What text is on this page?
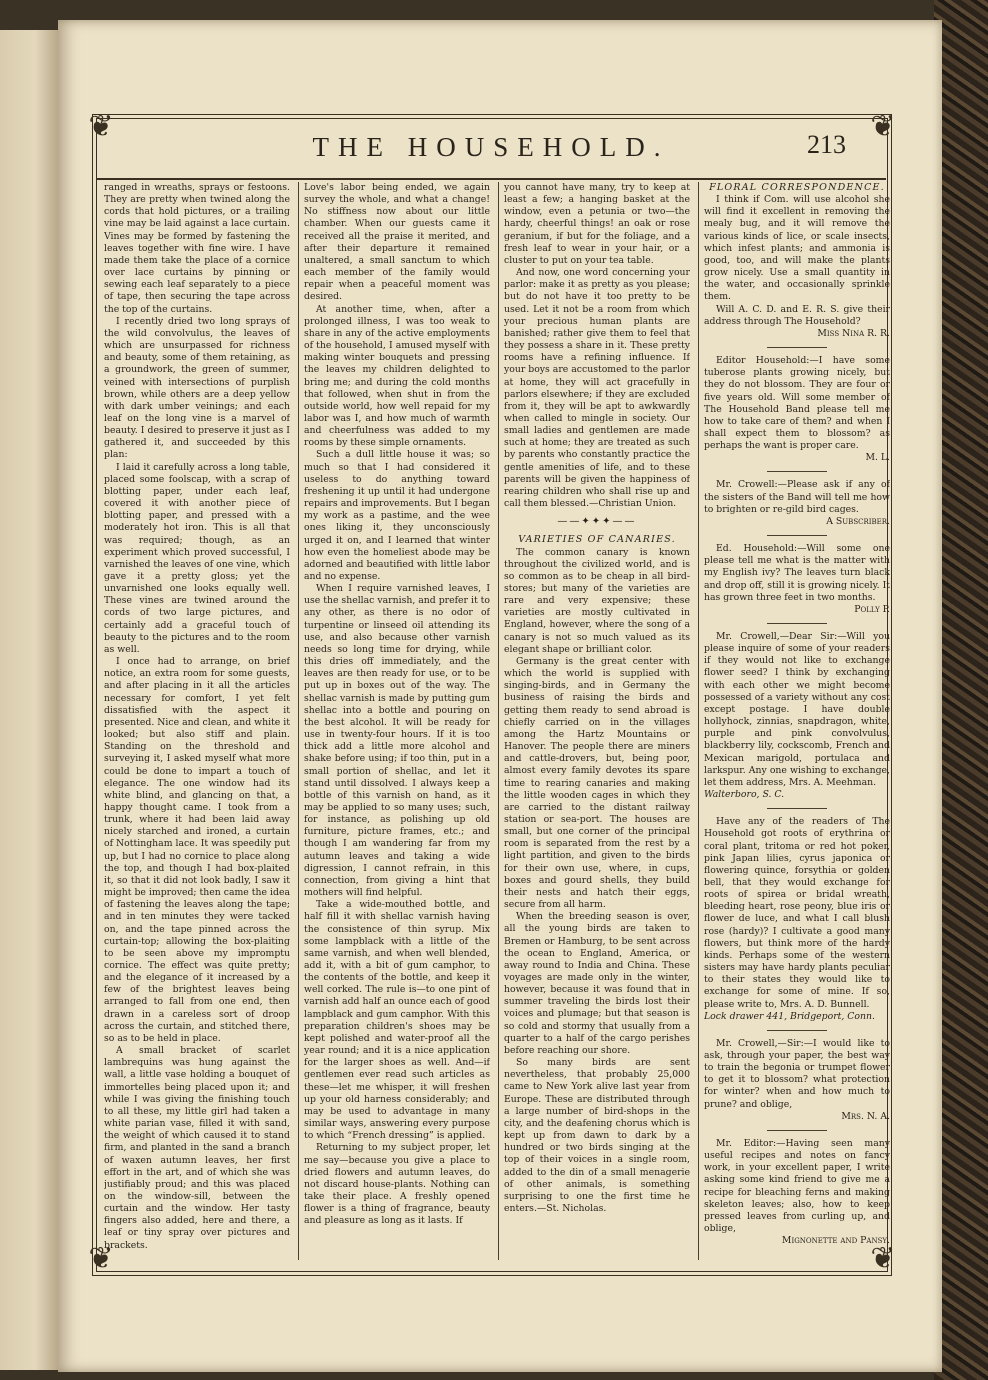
❦	❦
❦	❦
THE HOUSEHOLD.	213

ranged in wreaths, sprays or festoons. They are pretty when twined along the cords that hold pictures, or a trailing vine may be laid against a lace curtain. Vines may be formed by fastening the leaves together with fine wire. I have made them take the place of a cornice over lace curtains by pinning or sewing each leaf separately to a piece of tape, then securing the tape across the top of the curtains.

I recently dried two long sprays of the wild convolvulus, the leaves of which are unsurpassed for richness and beauty, some of them retaining, as a groundwork, the green of summer, veined with intersections of purplish brown, while others are a deep yellow with dark umber veinings; and each leaf on the long vine is a marvel of beauty. I desired to preserve it just as I gathered it, and succeeded by this plan:

I laid it carefully across a long table, placed some foolscap, with a scrap of blotting paper, under each leaf, covered it with another piece of blotting paper, and pressed with a moderately hot iron. This is all that was required; though, as an experiment which proved successful, I varnished the leaves of one vine, which gave it a pretty gloss; yet the unvarnished one looks equally well. These vines are twined around the cords of two large pictures, and certainly add a graceful touch of beauty to the pictures and to the room as well.

I once had to arrange, on brief notice, an extra room for some guests, and after placing in it all the articles necessary for comfort, I yet felt dissatisfied with the aspect it presented. Nice and clean, and white it looked; but also stiff and plain. Standing on the threshold and surveying it, I asked myself what more could be done to impart a touch of elegance. The one window had its white blind, and glancing on that, a happy thought came. I took from a trunk, where it had been laid away nicely starched and ironed, a curtain of Nottingham lace. It was speedily put up, but I had no cornice to place along the top, and though I had box-plaited it, so that it did not look badly, I saw it might be improved; then came the idea of fastening the leaves along the tape; and in ten minutes they were tacked on, and the tape pinned across the curtain-top; allowing the box-plaiting to be seen above my impromptu cornice. The effect was quite pretty; and the elegance of it increased by a few of the brightest leaves being arranged to fall from one end, then drawn in a careless sort of droop across the curtain, and stitched there, so as to be held in place.

A small bracket of scarlet lambrequins was hung against the wall, a little vase holding a bouquet of immortelles being placed upon it; and while I was giving the finishing touch to all these, my little girl had taken a white parian vase, filled it with sand, the weight of which caused it to stand firm, and planted in the sand a branch of waxen autumn leaves, her first effort in the art, and of which she was justifiably proud; and this was placed on the window-sill, between the curtain and the window. Her tasty fingers also added, here and there, a leaf or tiny spray over pictures and brackets.

Love's labor being ended, we again survey the whole, and what a change! No stiffness now about our little chamber. When our guests came it received all the praise it merited, and after their departure it remained unaltered, a small sanctum to which each member of the family would repair when a peaceful moment was desired.

At another time, when, after a prolonged illness, I was too weak to share in any of the active employments of the household, I amused myself with making winter bouquets and pressing the leaves my children delighted to bring me; and during the cold months that followed, when shut in from the outside world, how well repaid for my labor was I, and how much of warmth and cheerfulness was added to my rooms by these simple ornaments.

Such a dull little house it was; so much so that I had considered it useless to do anything toward freshening it up until it had undergone repairs and improvements. But I began my work as a pastime, and the wee ones liking it, they unconsciously urged it on, and I learned that winter how even the homeliest abode may be adorned and beautified with little labor and no expense.

When I require varnished leaves, I use the shellac varnish, and prefer it to any other, as there is no odor of turpentine or linseed oil attending its use, and also because other varnish needs so long time for drying, while this dries off immediately, and the leaves are then ready for use, or to be put up in boxes out of the way. The shellac varnish is made by putting gum shellac into a bottle and pouring on the best alcohol. It will be ready for use in twenty-four hours. If it is too thick add a little more alcohol and shake before using; if too thin, put in a small portion of shellac, and let it stand until dissolved. I always keep a bottle of this varnish on hand, as it may be applied to so many uses; such, for instance, as polishing up old furniture, picture frames, etc.; and though I am wandering far from my autumn leaves and taking a wide digression, I cannot refrain, in this connection, from giving a hint that mothers will find helpful.

Take a wide-mouthed bottle, and half fill it with shellac varnish having the consistence of thin syrup. Mix some lampblack with a little of the same varnish, and when well blended, add it, with a bit of gum camphor, to the contents of the bottle, and keep it well corked. The rule is—to one pint of varnish add half an ounce each of good lampblack and gum camphor. With this preparation children's shoes may be kept polished and water-proof all the year round; and it is a nice application for the larger shoes as well. And—if gentlemen ever read such articles as these—let me whisper, it will freshen up your old harness considerably; and may be used to advantage in many similar ways, answering every purpose to which “French dressing” is applied.

Returning to my subject proper, let me say—because you give a place to dried flowers and autumn leaves, do not discard house-plants. Nothing can take their place. A freshly opened flower is a thing of fragrance, beauty and pleasure as long as it lasts. If

you cannot have many, try to keep at least a few; a hanging basket at the window, even a petunia or two—the hardy, cheerful things! an oak or rose geranium, if but for the foliage, and a fresh leaf to wear in your hair, or a cluster to put on your tea table.

And now, one word concerning your parlor: make it as pretty as you please; but do not have it too pretty to be used. Let it not be a room from which your precious human plants are banished; rather give them to feel that they possess a share in it. These pretty rooms have a refining influence. If your boys are accustomed to the parlor at home, they will act gracefully in parlors elsewhere; if they are excluded from it, they will be apt to awkwardly when called to mingle in society. Our small ladies and gentlemen are made such at home; they are treated as such by parents who constantly practice the gentle amenities of life, and to these parents will be given the happiness of rearing children who shall rise up and call them blessed.—Christian Union.

——✦✦✦——

VARIETIES OF CANARIES.

The common canary is known throughout the civilized world, and is so common as to be cheap in all bird-stores; but many of the varieties are rare and very expensive; these varieties are mostly cultivated in England, however, where the song of a canary is not so much valued as its elegant shape or brilliant color.

Germany is the great center with which the world is supplied with singing-birds, and in Germany the business of raising the birds and getting them ready to send abroad is chiefly carried on in the villages among the Hartz Mountains or Hanover. The people there are miners and cattle-drovers, but, being poor, almost every family devotes its spare time to rearing canaries and making the little wooden cages in which they are carried to the distant railway station or sea-port. The houses are small, but one corner of the principal room is separated from the rest by a light partition, and given to the birds for their own use, where, in cups, boxes and gourd shells, they build their nests and hatch their eggs, secure from all harm.

When the breeding season is over, all the young birds are taken to Bremen or Hamburg, to be sent across the ocean to England, America, or away round to India and China. These voyages are made only in the winter, however, because it was found that in summer traveling the birds lost their voices and plumage; but that season is so cold and stormy that usually from a quarter to a half of the cargo perishes before reaching our shore.

So many birds are sent nevertheless, that probably 25,000 came to New York alive last year from Europe. These are distributed through a large number of bird-shops in the city, and the deafening chorus which is kept up from dawn to dark by a hundred or two birds singing at the top of their voices in a single room, added to the din of a small menagerie of other animals, is something surprising to one the first time he enters.—St. Nicholas.

FLORAL CORRESPONDENCE.

I think if Com. will use alcohol she will find it excellent in removing the mealy bug, and it will remove the various kinds of lice, or scale insects, which infest plants; and ammonia is good, too, and will make the plants grow nicely. Use a small quantity in the water, and occasionally sprinkle them.

Will A. C. D. and E. R. S. give their address through The Household?

Miss Nina R. R.

Editor Household:—I have some tuberose plants growing nicely, but they do not blossom. They are four or five years old. Will some member of The Household Band please tell me how to take care of them? and when I shall expect them to blossom? as perhaps the want is proper care.

M. L.

Mr. Crowell:—Please ask if any of the sisters of the Band will tell me how to brighten or re-gild bird cages.

A Subscriber.

Ed. Household:—Will some one please tell me what is the matter with my English ivy? The leaves turn black and drop off, still it is growing nicely. It has grown three feet in two months.

Polly P.

Mr. Crowell,—Dear Sir:—Will you please inquire of some of your readers if they would not like to exchange flower seed? I think by exchanging with each other we might become possessed of a variety without any cost except postage. I have double hollyhock, zinnias, snapdragon, white, purple and pink convolvulus, blackberry lily, cockscomb, French and Mexican marigold, portulaca and larkspur. Any one wishing to exchange, let them address, Mrs. A. Meehman.

Walterboro, S. C.

Have any of the readers of The Household got roots of erythrina or coral plant, tritoma or red hot poker, pink Japan lilies, cyrus japonica or flowering quince, forsythia or golden bell, that they would exchange for roots of spirea or bridal wreath, bleeding heart, rose peony, blue iris or flower de luce, and what I call blush rose (hardy)? I cultivate a good many flowers, but think more of the hardy kinds. Perhaps some of the western sisters may have hardy plants peculiar to their states they would like to exchange for some of mine. If so, please write to, Mrs. A. D. Bunnell.

Lock drawer 441, Bridgeport, Conn.

Mr. Crowell,—Sir:—I would like to ask, through your paper, the best way to train the begonia or trumpet flower to get it to blossom? what protection for winter? when and how much to prune? and oblige,

Mrs. N. A.

Mr. Editor:—Having seen many useful recipes and notes on fancy work, in your excellent paper, I write asking some kind friend to give me a recipe for bleaching ferns and making skeleton leaves; also, how to keep pressed leaves from curling up, and oblige,

Mignonette and Pansy.
